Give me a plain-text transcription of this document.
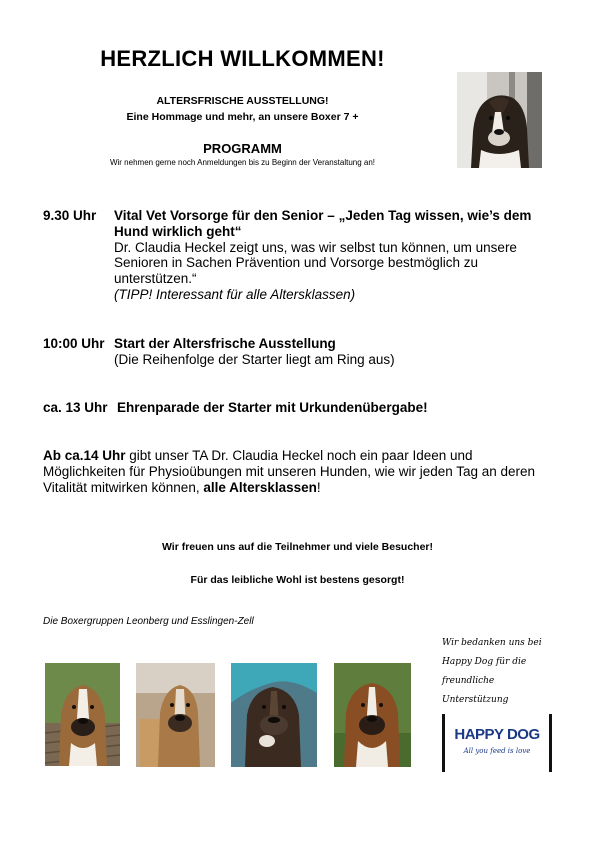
HERZLICH WILLKOMMEN!
ALTERSFRISCHE AUSSTELLUNG!
Eine Hommage und mehr, an unsere Boxer 7 +
PROGRAMM
Wir nehmen gerne noch Anmeldungen bis zu Beginn der Veranstaltung an!
9.30 Uhr Vital Vet Vorsorge für den Senior – „Jeden Tag wissen, wie’s dem Hund wirklich geht“
Dr. Claudia Heckel zeigt uns, was wir selbst tun können, um unsere Senioren in Sachen Prävention und Vorsorge bestmöglich zu unterstützen.“
(TIPP! Interessant für alle Altersklassen)
10:00 Uhr Start der Altersfrische Ausstellung
(Die Reihenfolge der Starter liegt am Ring aus)
ca. 13 Uhr Ehrenparade der Starter mit Urkundenübergabe!
Ab ca.14 Uhr gibt unser TA Dr. Claudia Heckel noch ein paar Ideen und Möglichkeiten für Physioübungen mit unseren Hunden, wie wir jeden Tag an deren Vitalität mitwirken können, alle Altersklassen!
Wir freuen uns auf die Teilnehmer und viele Besucher!
Für das leibliche Wohl ist bestens gesorgt!
Die Boxergruppen Leonberg und Esslingen-Zell
Wir bedanken uns bei
Happy Dog für die
freundliche
Unterstützung
HAPPY DOG
All you feed is love
